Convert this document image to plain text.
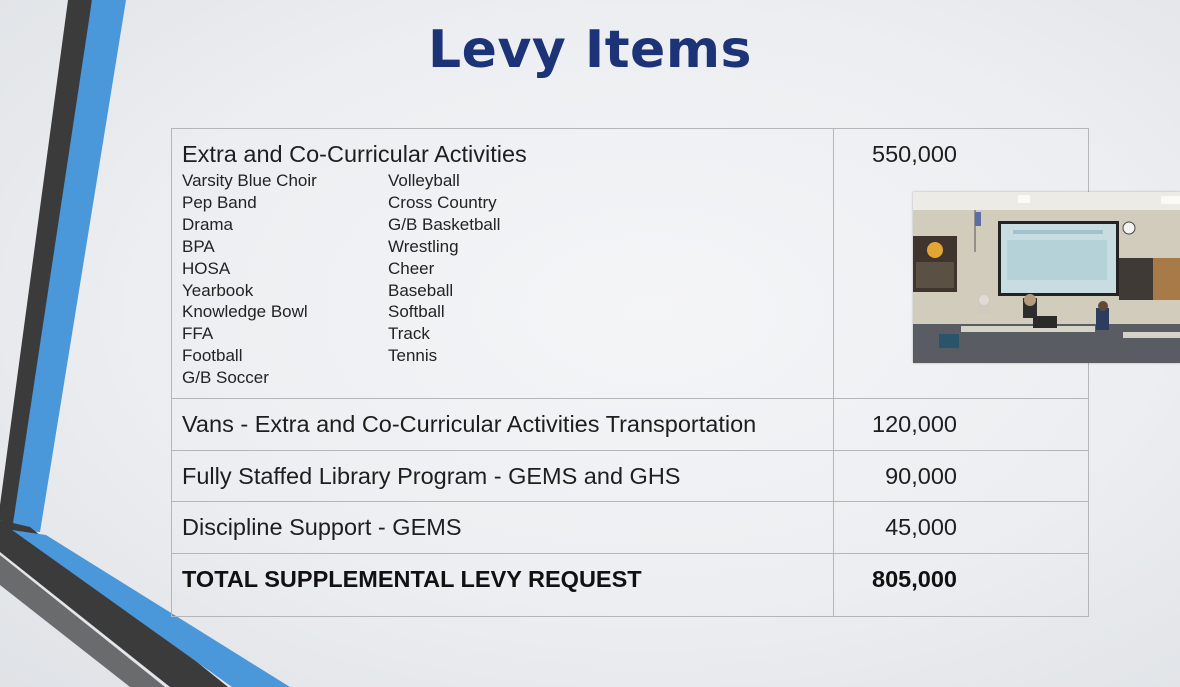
Levy Items
Extra and Co-Curricular Activities	550,000
Varsity Blue Choir
Pep Band
Drama
BPA
HOSA
Yearbook
Knowledge Bowl
FFA
Football
G/B Soccer
Volleyball
Cross Country
G/B Basketball
Wrestling
Cheer
Baseball
Softball
Track
Tennis
Vans - Extra and Co-Curricular Activities Transportation	120,000
Fully Staffed Library Program - GEMS and GHS	90,000
Discipline Support - GEMS	45,000
TOTAL SUPPLEMENTAL LEVY REQUEST	805,000
